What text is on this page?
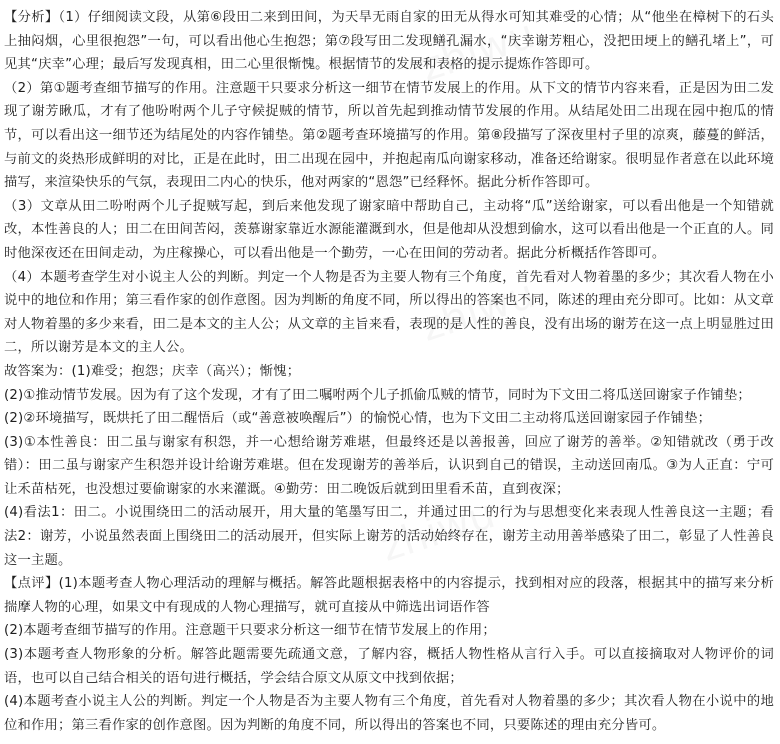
【分析】（1）仔细阅读文段，从第⑥段田二来到田间，为天旱无雨自家的田无从得水可知其难受的心情；从“他坐在樟树下的石头上抽闷烟，心里很抱怨”一句，可以看出他心生抱怨；第⑦段写田二发现鳝孔漏水，“庆幸谢芳粗心，没把田埂上的鳝孔堵上”，可见其“庆幸”心理；最后写发现真相，田二心里很惭愧。根据情节的发展和表格的提示提炼作答即可。

（2）第①题考查细节描写的作用。注意题干只要求分析这一细节在情节发展上的作用。从下文的情节内容来看，正是因为田二发现了谢芳瞅瓜，才有了他吩咐两个儿子守候捉贼的情节，所以首先起到推动情节发展的作用。从结尾处田二出现在园中抱瓜的情节，可以看出这一细节还为结尾处的内容作铺垫。第②题考查环境描写的作用。第⑧段描写了深夜里村子里的凉爽，藤蔓的鲜活，与前文的炎热形成鲜明的对比，正是在此时，田二出现在园中，并抱起南瓜向谢家移动，准备还给谢家。很明显作者意在以此环境描写，来渲染快乐的气氛，表现田二内心的快乐，他对两家的“恩怨”已经释怀。据此分析作答即可。

（3）文章从田二吩咐两个儿子捉贼写起，到后来他发现了谢家暗中帮助自己，主动将“瓜”送给谢家，可以看出他是一个知错就改，本性善良的人；田二在田间苦闷，羡慕谢家靠近水源能灌溉到水，但是他却从没想到偷水，这可以看出他是一个正直的人。同时他深夜还在田间走动，为庄稼操心，可以看出他是一个勤劳，一心在田间的劳动者。据此分析概括作答即可。

（4）本题考查学生对小说主人公的判断。判定一个人物是否为主要人物有三个角度，首先看对人物着墨的多少；其次看人物在小说中的地位和作用；第三看作家的创作意图。因为判断的角度不同，所以得出的答案也不同，陈述的理由充分即可。比如：从文章对人物着墨的多少来看，田二是本文的主人公；从文章的主旨来看，表现的是人性的善良，没有出场的谢芳在这一点上明显胜过田二，所以谢芳是本文的主人公。

故答案为：(1)难受；抱怨；庆幸（高兴）；惭愧；

(2)①推动情节发展。因为有了这个发现，才有了田二嘱咐两个儿子抓偷瓜贼的情节，同时为下文田二将瓜送回谢家子作铺垫；

(2)②环境描写，既烘托了田二醒悟后（或“善意被唤醒后”）的愉悦心情，也为下文田二主动将瓜送回谢家园子作铺垫；

(3)①本性善良：田二虽与谢家有积怨，并一心想给谢芳难堪，但最终还是以善报善，回应了谢芳的善举。②知错就改（勇于改错）：田二虽与谢家产生积怨并设计给谢芳难堪。但在发现谢芳的善举后，认识到自己的错误，主动送回南瓜。③为人正直：宁可让禾苗枯死，也没想过要偷谢家的水来灌溉。④勤劳：田二晚饭后就到田里看禾苗，直到夜深；

(4)看法1：田二。小说围绕田二的活动展开，用大量的笔墨写田二，并通过田二的行为与思想变化来表现人性善良这一主题；看法2：谢芳，小说虽然表面上围绕田二的活动展开，但实际上谢芳的活动始终存在，谢芳主动用善举感染了田二，彰显了人性善良这一主题。

【点评】(1)本题考查人物心理活动的理解与概括。解答此题根据表格中的内容提示，找到相对应的段落，根据其中的描写来分析揣摩人物的心理，如果文中有现成的人物心理描写，就可直接从中筛选出词语作答

(2)本题考查细节描写的作用。注意题干只要求分析这一细节在情节发展上的作用；

(3)本题考查人物形象的分析。解答此题需要先疏通文意，了解内容，概括人物性格从言行入手。可以直接摘取对人物评价的词语，也可以自己结合相关的语句进行概括，学会结合原文从原文中找到依据；

(4)本题考查小说主人公的判断。判定一个人物是否为主要人物有三个角度，首先看对人物着墨的多少；其次看人物在小说中的地位和作用；第三看作家的创作意图。因为判断的角度不同，所以得出的答案也不同，只要陈述的理由充分皆可。
